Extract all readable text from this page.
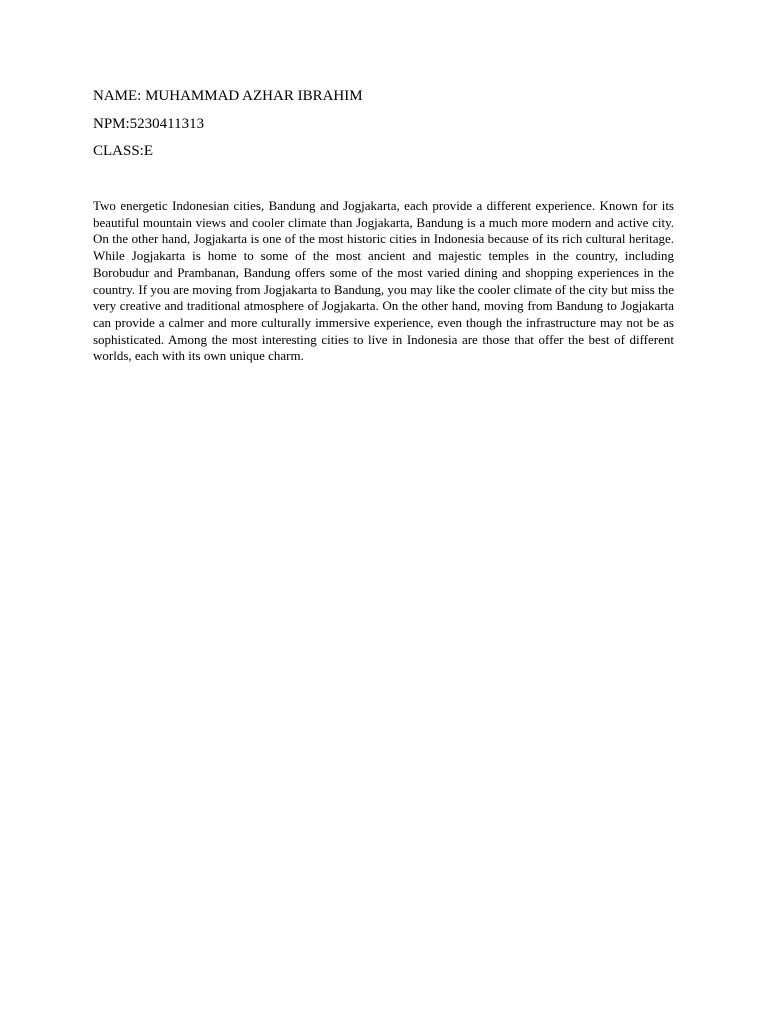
NAME: MUHAMMAD AZHAR IBRAHIM
NPM:5230411313
CLASS:E

Two energetic Indonesian cities, Bandung and Jogjakarta, each provide a different experience. Known for its beautiful mountain views and cooler climate than Jogjakarta, Bandung is a much more modern and active city. On the other hand, Jogjakarta is one of the most historic cities in Indonesia because of its rich cultural heritage. While Jogjakarta is home to some of the most ancient and majestic temples in the country, including Borobudur and Prambanan, Bandung offers some of the most varied dining and shopping experiences in the country. If you are moving from Jogjakarta to Bandung, you may like the cooler climate of the city but miss the very creative and traditional atmosphere of Jogjakarta. On the other hand, moving from Bandung to Jogjakarta can provide a calmer and more culturally immersive experience, even though the infrastructure may not be as sophisticated. Among the most interesting cities to live in Indonesia are those that offer the best of different worlds, each with its own unique charm.
